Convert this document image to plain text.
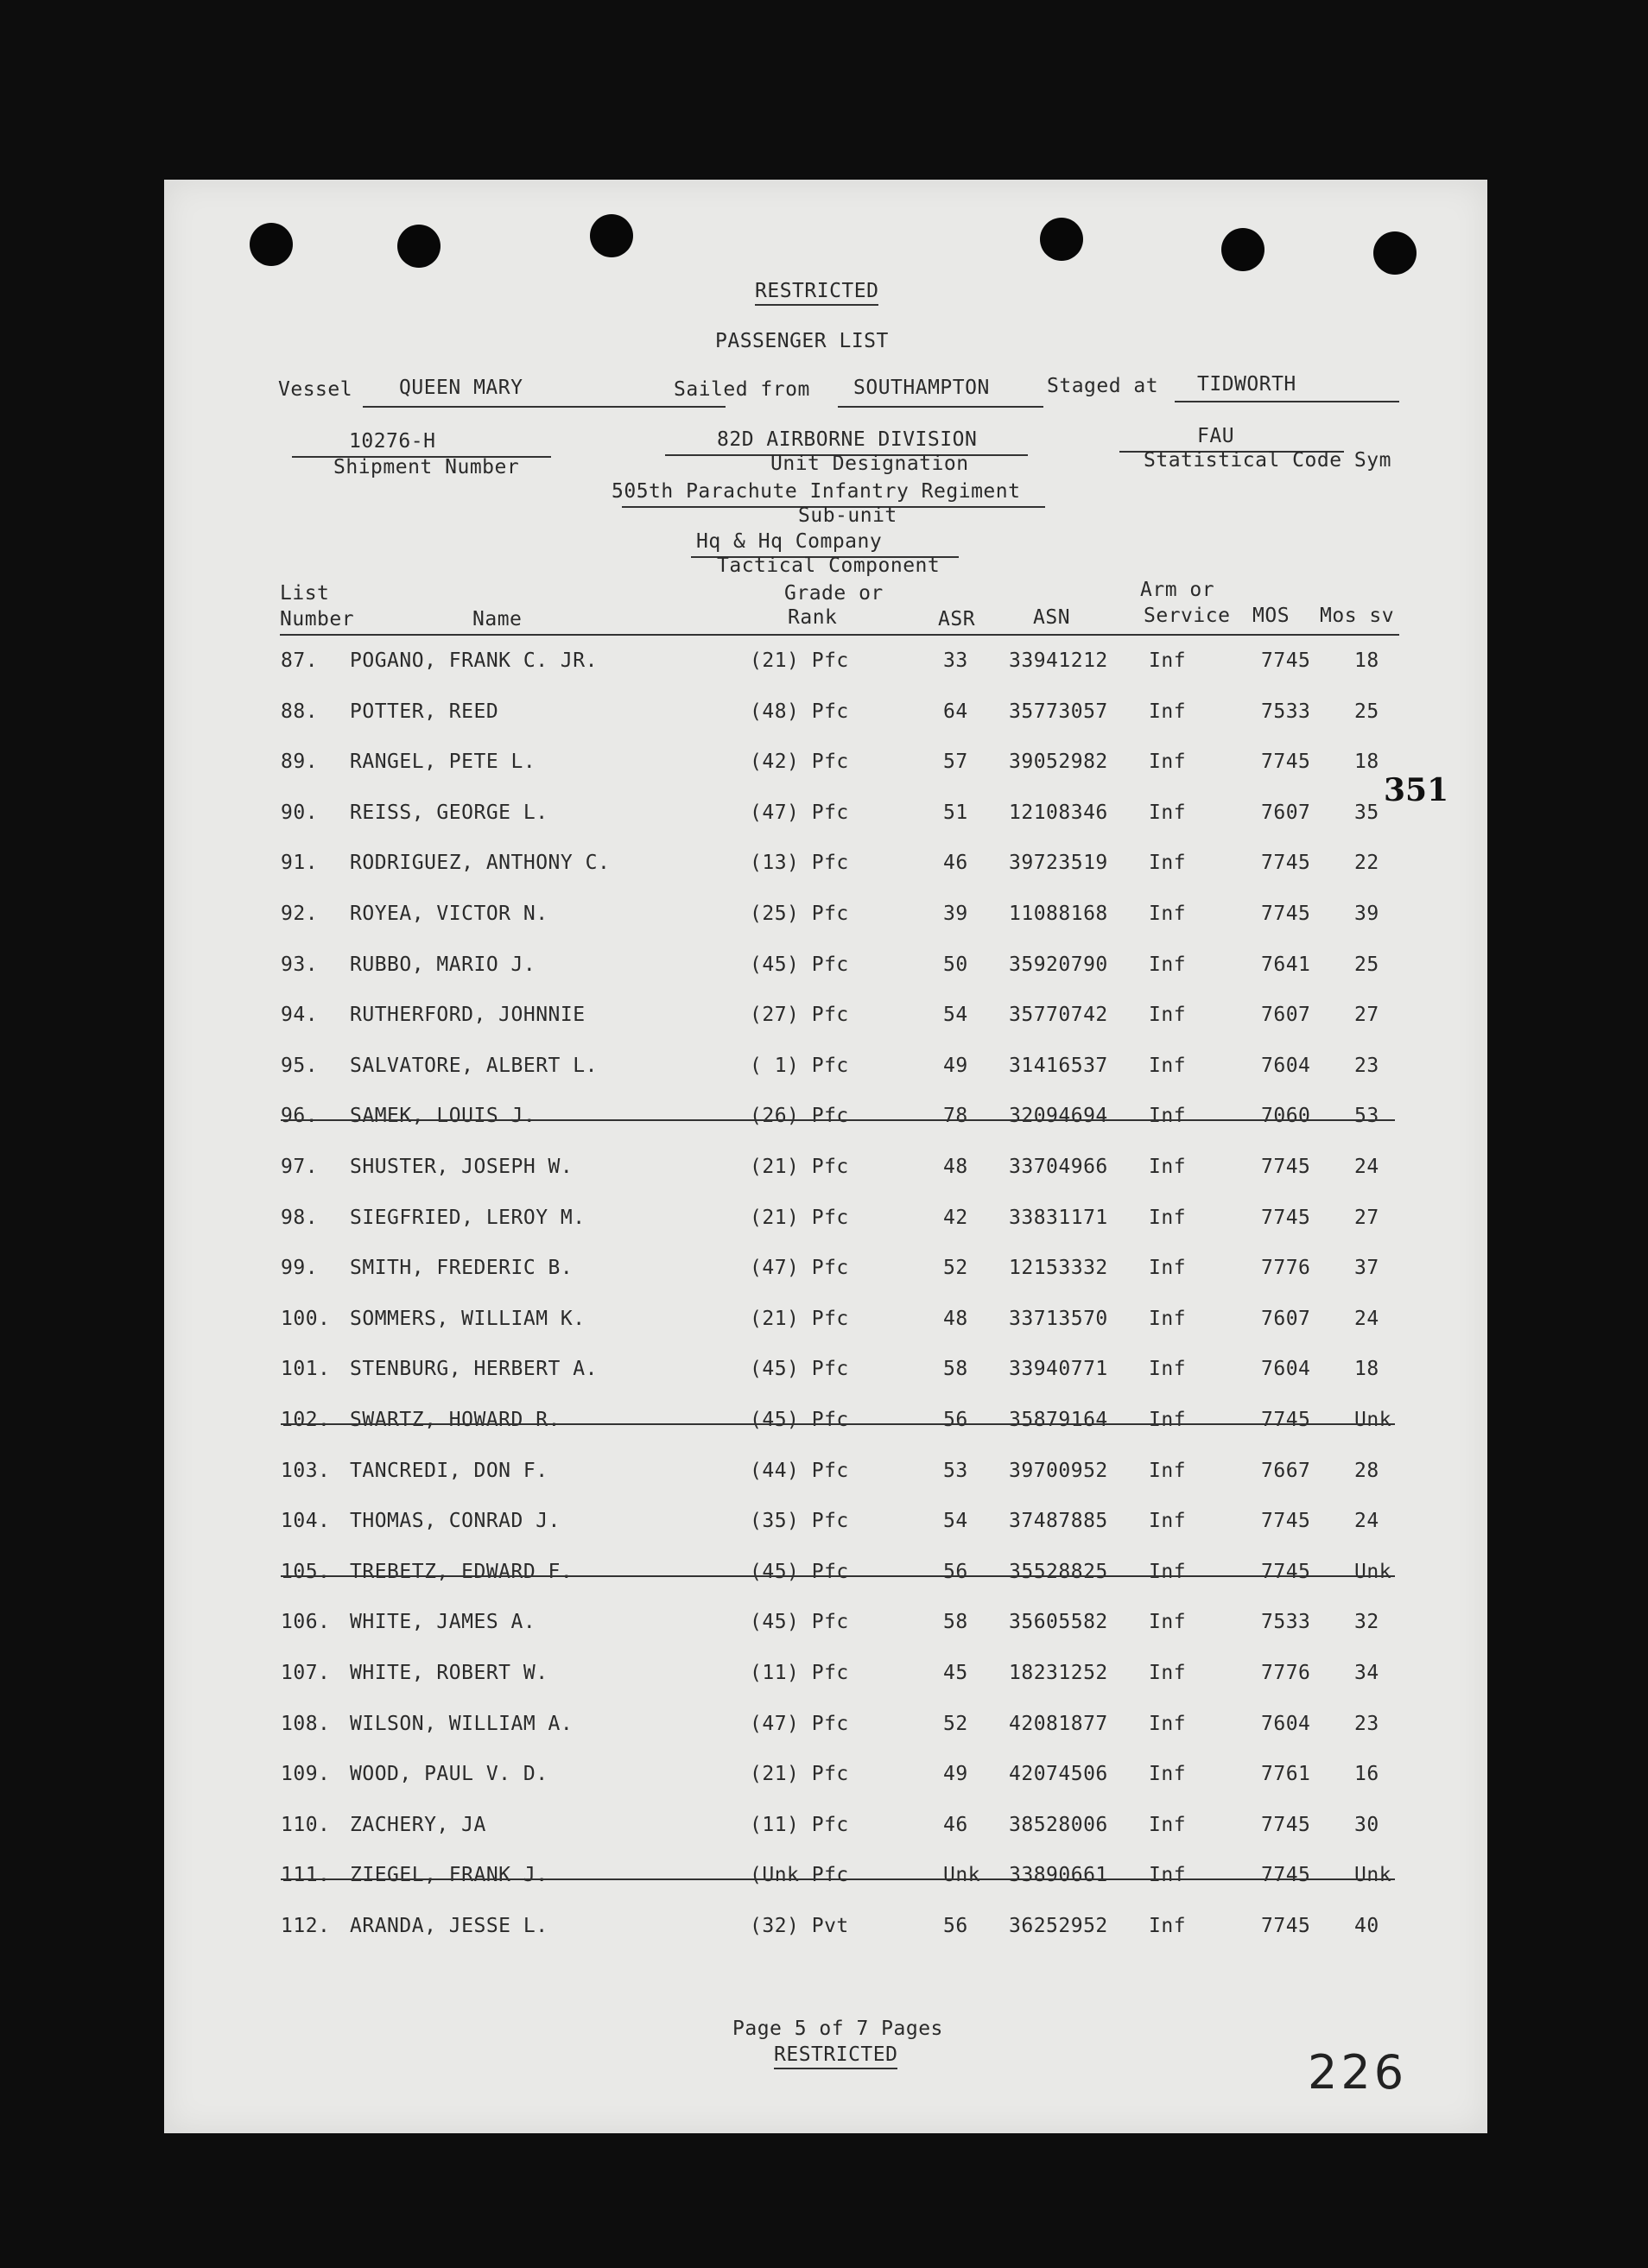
RESTRICTED
PASSENGER LIST
Vessel QUEEN MARY	Sailed from SOUTHAMPTON	Staged at TIDWORTH
10276-H
Shipment Number
82D AIRBORNE DIVISION
Unit Designation
FAU
Statistical Code Sym
505th Parachute Infantry Regiment
Sub-unit
Hq & Hq Company
Tactical Component
List
Number	Name
Grade or
Rank	ASR	ASN
Arm or
Service MOS Mos sv
87. POGANO, FRANK C. JR.	(21) Pfc	33 33941212 Inf	7745 18
88. POTTER, REED	(48) Pfc	64 35773057 Inf	7533 25
89. RANGEL, PETE L.	(42) Pfc	57 39052982 Inf	7745 18
90. REISS, GEORGE L.	(47) Pfc	51 12108346 Inf	7607 35
91. RODRIGUEZ, ANTHONY C.	(13) Pfc	46 39723519 Inf	7745 22
92. ROYEA, VICTOR N.	(25) Pfc	39 11088168 Inf	7745 39
93. RUBBO, MARIO J.	(45) Pfc	50 35920790 Inf	7641 25
94. RUTHERFORD, JOHNNIE	(27) Pfc	54 35770742 Inf	7607 27
95. SALVATORE, ALBERT L.	( 1) Pfc	49 31416537 Inf	7604 23
96. SAMEK, LOUIS J.	(26) Pfc	78 32094694 Inf	7060 53
97. SHUSTER, JOSEPH W.	(21) Pfc	48 33704966 Inf	7745 24
98. SIEGFRIED, LEROY M.	(21) Pfc	42 33831171 Inf	7745 27
99. SMITH, FREDERIC B.	(47) Pfc	52 12153332 Inf	7776 37
100. SOMMERS, WILLIAM K.	(21) Pfc	48 33713570 Inf	7607 24
101. STENBURG, HERBERT A.	(45) Pfc	58 33940771 Inf	7604 18
102. SWARTZ, HOWARD R.	(45) Pfc	56 35879164 Inf	7745 Unk
103. TANCREDI, DON F.	(44) Pfc	53 39700952 Inf	7667 28
104. THOMAS, CONRAD J.	(35) Pfc	54 37487885 Inf	7745 24
105. TREBETZ, EDWARD F.	(45) Pfc	56 35528825 Inf	7745 Unk
106. WHITE, JAMES A.	(45) Pfc	58 35605582 Inf	7533 32
107. WHITE, ROBERT W.	(11) Pfc	45 18231252 Inf	7776 34
108. WILSON, WILLIAM A.	(47) Pfc	52 42081877 Inf	7604 23
109. WOOD, PAUL V. D.	(21) Pfc	49 42074506 Inf	7761 16
110. ZACHERY, JA	(11) Pfc	46 38528006 Inf	7745 30
111. ZIEGEL, FRANK J.	(Unk Pfc	Unk 33890661 Inf	7745 Unk
112. ARANDA, JESSE L.	(32) Pvt	56 36252952 Inf	7745 40
351
226
Page 5 of 7 Pages
RESTRICTED
